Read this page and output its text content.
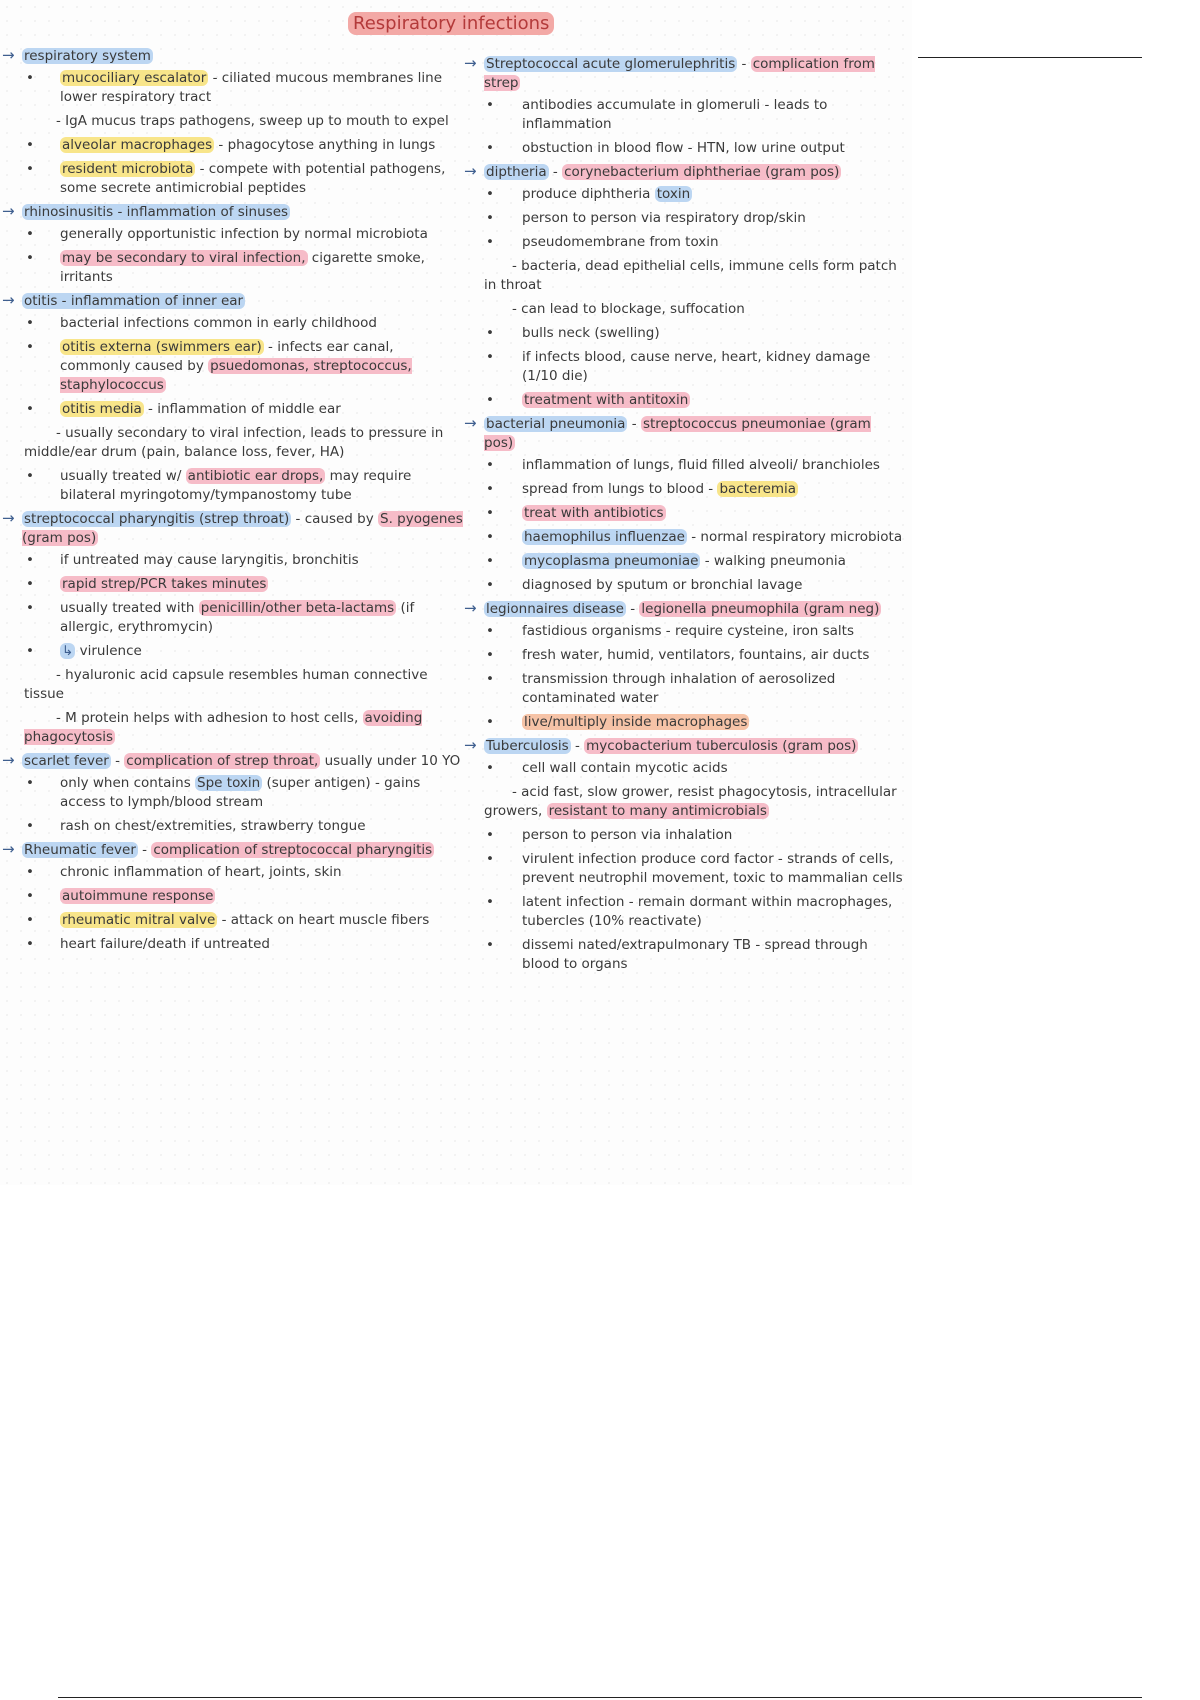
Respiratory infections
→ respiratory system
• mucociliary escalator - ciliated mucous membranes line lower respiratory tract
- IgA mucus traps pathogens, sweep up to mouth to expel
• alveolar macrophages - phagocytose anything in lungs
• resident microbiota - compete with potential pathogens, some secrete antimicrobial peptides
→ rhinosinusitis - inflammation of sinuses
• generally opportunistic infection by normal microbiota
• may be secondary to viral infection, cigarette smoke, irritants
→ otitis - inflammation of inner ear
• bacterial infections common in early childhood
• otitis externa (swimmers ear) - infects ear canal, commonly caused by psuedomonas, streptococcus, staphylococcus
• otitis media - inflammation of middle ear
- usually secondary to viral infection, leads to pressure in middle/ear drum (pain, balance loss, fever, HA)
• usually treated w/ antibiotic ear drops, may require bilateral myringotomy/tympanostomy tube
→ streptococcal pharyngitis (strep throat) - caused by S. pyogenes (gram pos)
• if untreated may cause laryngitis, bronchitis
• rapid strep/PCR takes minutes
• usually treated with penicillin/other beta-lactams (if allergic, erythromycin)
• ↳ virulence
- hyaluronic acid capsule resembles human connective tissue
- M protein helps with adhesion to host cells, avoiding phagocytosis
→ scarlet fever - complication of strep throat, usually under 10 YO
• only when contains Spe toxin (super antigen) - gains access to lymph/blood stream
• rash on chest/extremities, strawberry tongue
→ Rheumatic fever - complication of streptococcal pharyngitis
• chronic inflammation of heart, joints, skin
• autoimmune response
• rheumatic mitral valve - attack on heart muscle fibers
• heart failure/death if untreated
→ Streptococcal acute glomerulephritis - complication from strep
• antibodies accumulate in glomeruli - leads to inflammation
• obstuction in blood flow - HTN, low urine output
→ diptheria - corynebacterium diphtheriae (gram pos)
• produce diphtheria toxin
• person to person via respiratory drop/skin
• pseudomembrane from toxin
- bacteria, dead epithelial cells, immune cells form patch in throat
- can lead to blockage, suffocation
• bulls neck (swelling)
• if infects blood, cause nerve, heart, kidney damage (1/10 die)
• treatment with antitoxin
→ bacterial pneumonia - streptococcus pneumoniae (gram pos)
• inflammation of lungs, fluid filled alveoli/ branchioles
• spread from lungs to blood - bacteremia
• treat with antibiotics
• haemophilus influenzae - normal respiratory microbiota
• mycoplasma pneumoniae - walking pneumonia
• diagnosed by sputum or bronchial lavage
→ legionnaires disease - legionella pneumophila (gram neg)
• fastidious organisms - require cysteine, iron salts
• fresh water, humid, ventilators, fountains, air ducts
• transmission through inhalation of aerosolized contaminated water
• live/multiply inside macrophages
→ Tuberculosis - mycobacterium tuberculosis (gram pos)
• cell wall contain mycotic acids
- acid fast, slow grower, resist phagocytosis, intracellular growers, resistant to many antimicrobials
• person to person via inhalation
• virulent infection produce cord factor - strands of cells, prevent neutrophil movement, toxic to mammalian cells
• latent infection - remain dormant within macrophages, tubercles (10% reactivate)
• dissemi nated/extrapulmonary TB - spread through blood to organs
